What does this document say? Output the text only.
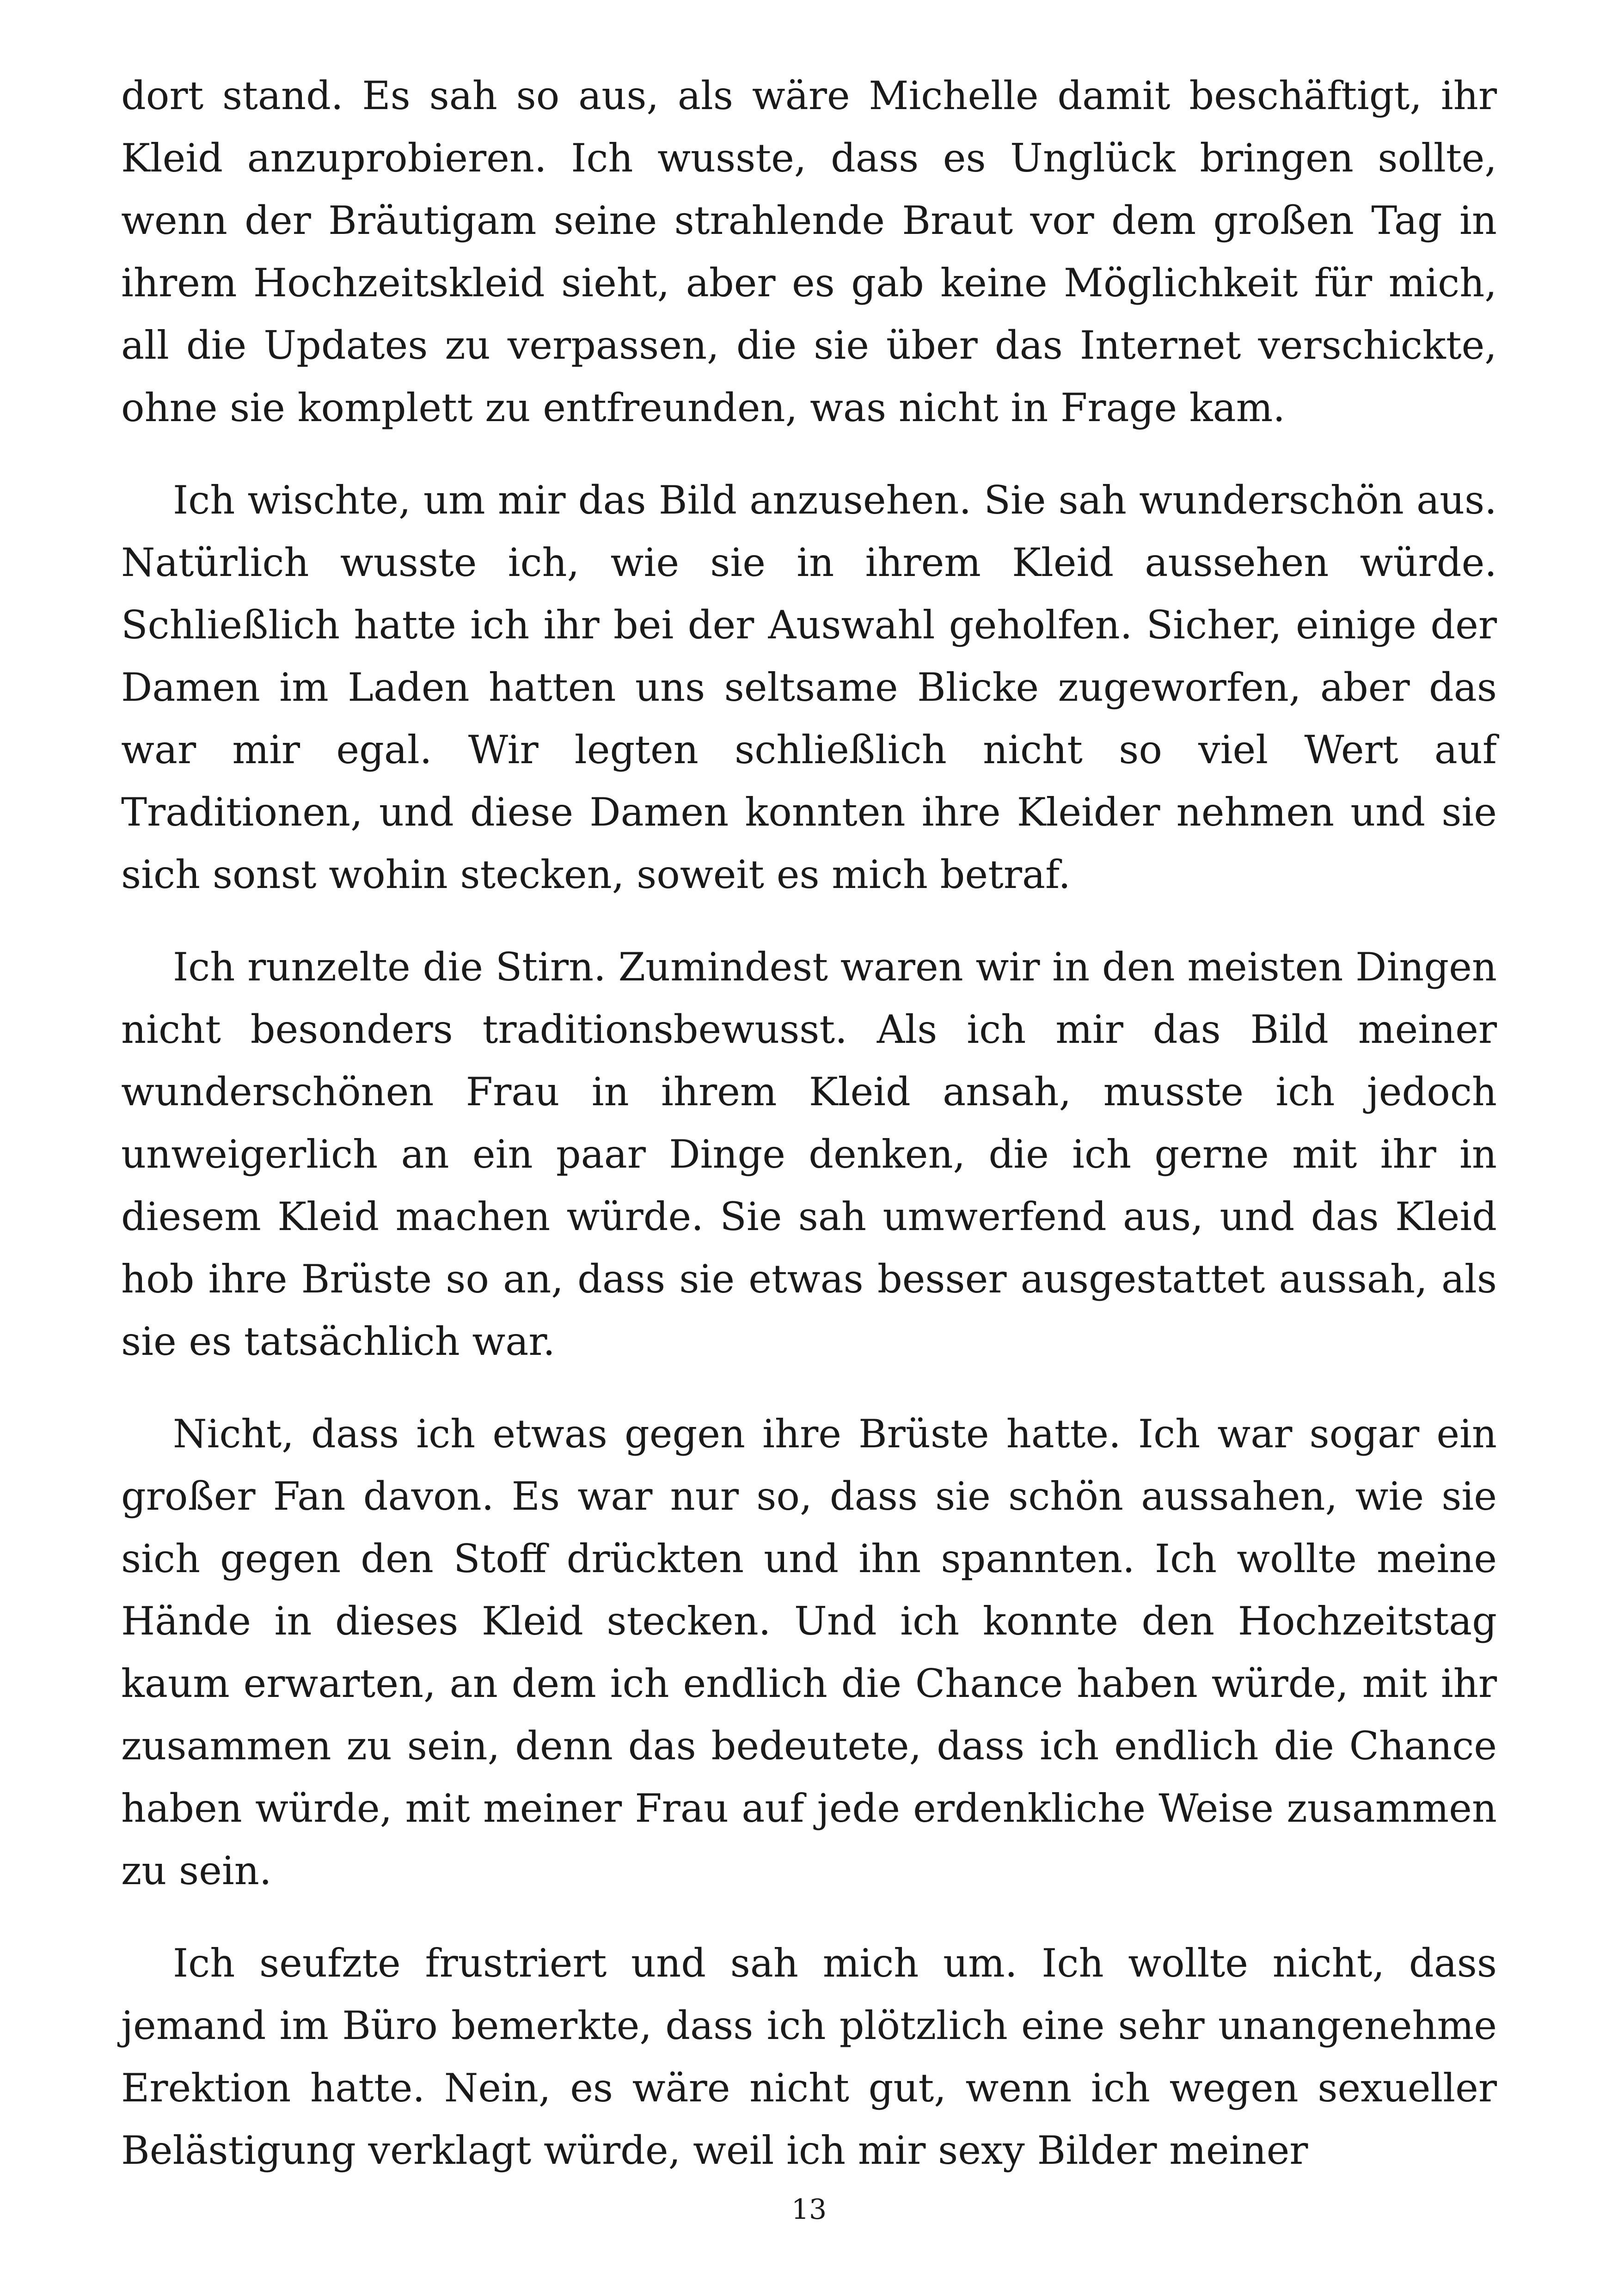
dort stand. Es sah so aus, als wäre Michelle damit beschäftigt, ihr Kleid anzuprobieren. Ich wusste, dass es Unglück bringen sollte, wenn der Bräutigam seine strahlende Braut vor dem großen Tag in ihrem Hochzeitskleid sieht, aber es gab keine Möglichkeit für mich, all die Updates zu verpassen, die sie über das Internet verschickte, ohne sie komplett zu entfreunden, was nicht in Frage kam.

Ich wischte, um mir das Bild anzusehen. Sie sah wunderschön aus. Natürlich wusste ich, wie sie in ihrem Kleid aussehen würde. Schließlich hatte ich ihr bei der Auswahl geholfen. Sicher, einige der Damen im Laden hatten uns seltsame Blicke zugeworfen, aber das war mir egal. Wir legten schließlich nicht so viel Wert auf Traditionen, und diese Damen konnten ihre Kleider nehmen und sie sich sonst wohin stecken, soweit es mich betraf.

Ich runzelte die Stirn. Zumindest waren wir in den meisten Dingen nicht besonders traditionsbewusst. Als ich mir das Bild meiner wunderschönen Frau in ihrem Kleid ansah, musste ich jedoch unweigerlich an ein paar Dinge denken, die ich gerne mit ihr in diesem Kleid machen würde. Sie sah umwerfend aus, und das Kleid hob ihre Brüste so an, dass sie etwas besser ausgestattet aussah, als sie es tatsächlich war.

Nicht, dass ich etwas gegen ihre Brüste hatte. Ich war sogar ein großer Fan davon. Es war nur so, dass sie schön aussahen, wie sie sich gegen den Stoff drückten und ihn spannten. Ich wollte meine Hände in dieses Kleid stecken. Und ich konnte den Hochzeitstag kaum erwarten, an dem ich endlich die Chance haben würde, mit ihr zusammen zu sein, denn das bedeutete, dass ich endlich die Chance haben würde, mit meiner Frau auf jede erdenkliche Weise zusammen zu sein.

Ich seufzte frustriert und sah mich um. Ich wollte nicht, dass jemand im Büro bemerkte, dass ich plötzlich eine sehr unangenehme Erektion hatte. Nein, es wäre nicht gut, wenn ich wegen sexueller Belästigung verklagt würde, weil ich mir sexy Bilder meiner

13
